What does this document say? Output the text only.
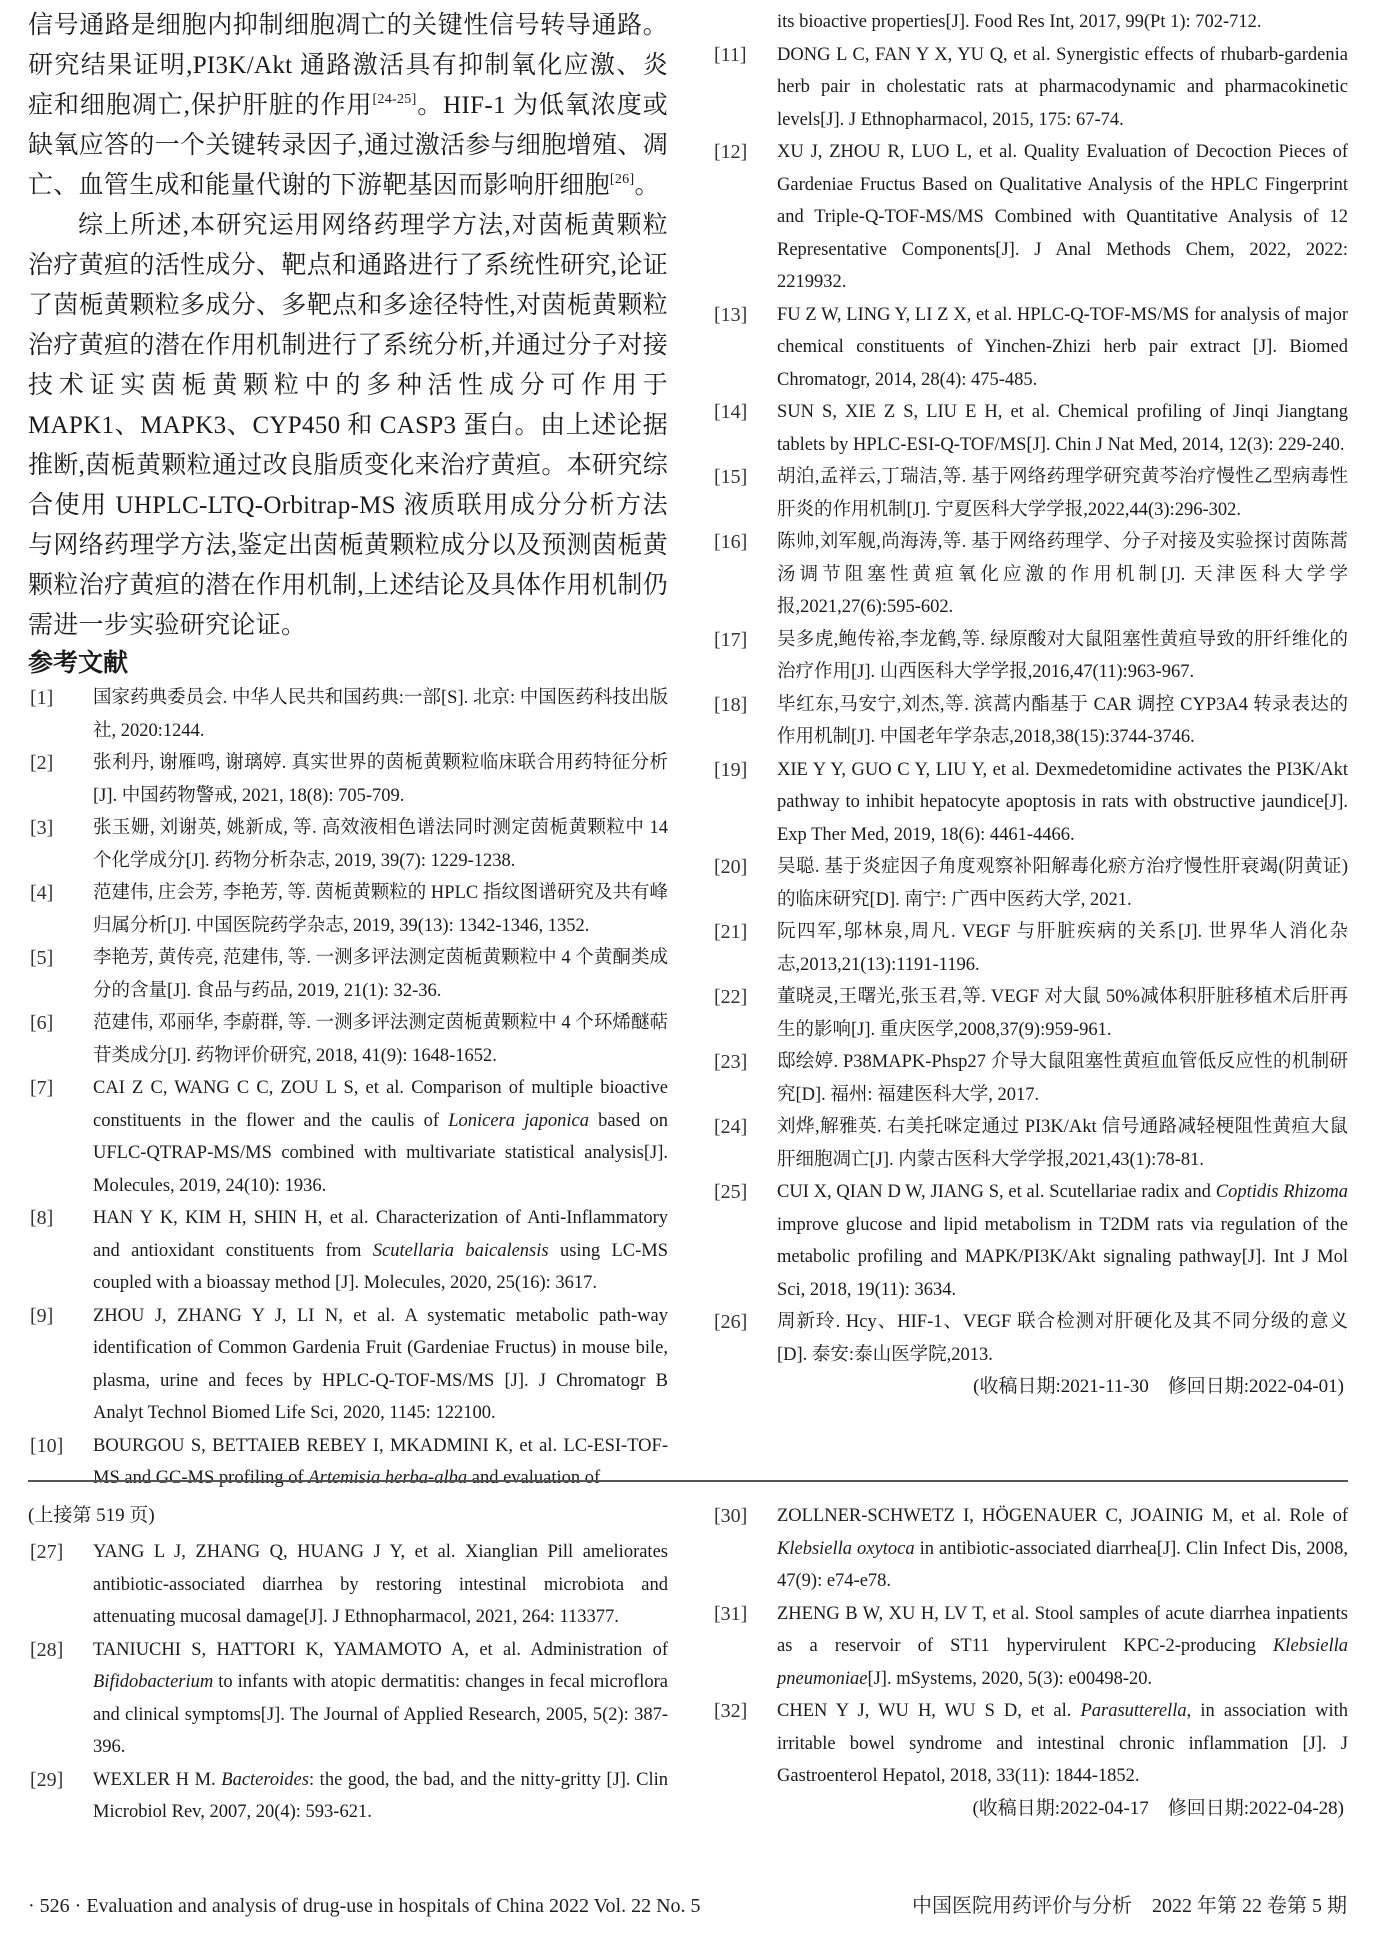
信号通路是细胞内抑制细胞凋亡的关键性信号转导通路。研究结果证明,PI3K/Akt 通路激活具有抑制氧化应激、炎症和细胞凋亡,保护肝脏的作用[24-25]。HIF-1 为低氧浓度或缺氧应答的一个关键转录因子,通过激活参与细胞增殖、凋亡、血管生成和能量代谢的下游靶基因而影响肝细胞[26]。

综上所述,本研究运用网络药理学方法,对茵栀黄颗粒治疗黄疸的活性成分、靶点和通路进行了系统性研究,论证了茵栀黄颗粒多成分、多靶点和多途径特性,对茵栀黄颗粒治疗黄疸的潜在作用机制进行了系统分析,并通过分子对接技术证实茵栀黄颗粒中的多种活性成分可作用于 MAPK1、MAPK3、CYP450 和 CASP3 蛋白。由上述论据推断,茵栀黄颗粒通过改良脂质变化来治疗黄疸。本研究综合使用 UHPLC-LTQ-Orbitrap-MS 液质联用成分分析方法与网络药理学方法,鉴定出茵栀黄颗粒成分以及预测茵栀黄颗粒治疗黄疸的潜在作用机制,上述结论及具体作用机制仍需进一步实验研究论证。

参考文献

[1] 国家药典委员会. 中华人民共和国药典:一部[S]. 北京: 中国医药科技出版社, 2020:1244.

[2] 张利丹, 谢雁鸣, 谢璃婷. 真实世界的茵栀黄颗粒临床联合用药特征分析[J]. 中国药物警戒, 2021, 18(8): 705-709.

[3] 张玉姗, 刘谢英, 姚新成, 等. 高效液相色谱法同时测定茵栀黄颗粒中 14 个化学成分[J]. 药物分析杂志, 2019, 39(7): 1229-1238.

[4] 范建伟, 庄会芳, 李艳芳, 等. 茵栀黄颗粒的 HPLC 指纹图谱研究及共有峰归属分析[J]. 中国医院药学杂志, 2019, 39(13): 1342-1346, 1352.

[5] 李艳芳, 黄传亮, 范建伟, 等. 一测多评法测定茵栀黄颗粒中 4 个黄酮类成分的含量[J]. 食品与药品, 2019, 21(1): 32-36.

[6] 范建伟, 邓丽华, 李蔚群, 等. 一测多评法测定茵栀黄颗粒中 4 个环烯醚萜苷类成分[J]. 药物评价研究, 2018, 41(9): 1648-1652.

[7] CAI Z C, WANG C C, ZOU L S, et al. Comparison of multiple bioactive constituents in the flower and the caulis of Lonicera japonica based on UFLC-QTRAP-MS/MS combined with multivariate statistical analysis[J]. Molecules, 2019, 24(10): 1936.

[8] HAN Y K, KIM H, SHIN H, et al. Characterization of Anti-Inflammatory and antioxidant constituents from Scutellaria baicalensis using LC-MS coupled with a bioassay method [J]. Molecules, 2020, 25(16): 3617.

[9] ZHOU J, ZHANG Y J, LI N, et al. A systematic metabolic path-way identification of Common Gardenia Fruit (Gardeniae Fructus) in mouse bile, plasma, urine and feces by HPLC-Q-TOF-MS/MS [J]. J Chromatogr B Analyt Technol Biomed Life Sci, 2020, 1145: 122100.

[10] BOURGOU S, BETTAIEB REBEY I, MKADMINI K, et al. LC-ESI-TOF-MS and GC-MS profiling of Artemisia herba-alba and evaluation of

its bioactive properties[J]. Food Res Int, 2017, 99(Pt 1): 702-712.

[11] DONG L C, FAN Y X, YU Q, et al. Synergistic effects of rhubarb-gardenia herb pair in cholestatic rats at pharmacodynamic and pharmacokinetic levels[J]. J Ethnopharmacol, 2015, 175: 67-74.

[12] XU J, ZHOU R, LUO L, et al. Quality Evaluation of Decoction Pieces of Gardeniae Fructus Based on Qualitative Analysis of the HPLC Fingerprint and Triple-Q-TOF-MS/MS Combined with Quantitative Analysis of 12 Representative Components[J]. J Anal Methods Chem, 2022, 2022: 2219932.

[13] FU Z W, LING Y, LI Z X, et al. HPLC-Q-TOF-MS/MS for analysis of major chemical constituents of Yinchen-Zhizi herb pair extract [J]. Biomed Chromatogr, 2014, 28(4): 475-485.

[14] SUN S, XIE Z S, LIU E H, et al. Chemical profiling of Jinqi Jiangtang tablets by HPLC-ESI-Q-TOF/MS[J]. Chin J Nat Med, 2014, 12(3): 229-240.

[15] 胡泊,孟祥云,丁瑞洁,等. 基于网络药理学研究黄芩治疗慢性乙型病毒性肝炎的作用机制[J]. 宁夏医科大学学报,2022,44(3):296-302.

[16] 陈帅,刘军舰,尚海涛,等. 基于网络药理学、分子对接及实验探讨茵陈蒿汤调节阻塞性黄疸氧化应激的作用机制[J]. 天津医科大学学报,2021,27(6):595-602.

[17] 吴多虎,鲍传裕,李龙鹤,等. 绿原酸对大鼠阻塞性黄疸导致的肝纤维化的治疗作用[J]. 山西医科大学学报,2016,47(11):963-967.

[18] 毕红东,马安宁,刘杰,等. 滨蒿内酯基于 CAR 调控 CYP3A4 转录表达的作用机制[J]. 中国老年学杂志,2018,38(15):3744-3746.

[19] XIE Y Y, GUO C Y, LIU Y, et al. Dexmedetomidine activates the PI3K/Akt pathway to inhibit hepatocyte apoptosis in rats with obstructive jaundice[J]. Exp Ther Med, 2019, 18(6): 4461-4466.

[20] 吴聪. 基于炎症因子角度观察补阳解毒化瘀方治疗慢性肝衰竭(阴黄证)的临床研究[D]. 南宁: 广西中医药大学, 2021.

[21] 阮四军,邬林泉,周凡. VEGF 与肝脏疾病的关系[J]. 世界华人消化杂志,2013,21(13):1191-1196.

[22] 董晓灵,王曙光,张玉君,等. VEGF 对大鼠 50%减体积肝脏移植术后肝再生的影响[J]. 重庆医学,2008,37(9):959-961.

[23] 邸绘婷. P38MAPK-Phsp27 介导大鼠阻塞性黄疸血管低反应性的机制研究[D]. 福州: 福建医科大学, 2017.

[24] 刘烨,解雅英. 右美托咪定通过 PI3K/Akt 信号通路减轻梗阻性黄疸大鼠肝细胞凋亡[J]. 内蒙古医科大学学报,2021,43(1):78-81.

[25] CUI X, QIAN D W, JIANG S, et al. Scutellariae radix and Coptidis Rhizoma improve glucose and lipid metabolism in T2DM rats via regulation of the metabolic profiling and MAPK/PI3K/Akt signaling pathway[J]. Int J Mol Sci, 2018, 19(11): 3634.

[26] 周新玲. Hcy、HIF-1、VEGF 联合检测对肝硬化及其不同分级的意义[D]. 泰安:泰山医学院,2013.

(收稿日期:2021-11-30　修回日期:2022-04-01)

(上接第 519 页)

[27] YANG L J, ZHANG Q, HUANG J Y, et al. Xianglian Pill ameliorates antibiotic-associated diarrhea by restoring intestinal microbiota and attenuating mucosal damage[J]. J Ethnopharmacol, 2021, 264: 113377.

[28] TANIUCHI S, HATTORI K, YAMAMOTO A, et al. Administration of Bifidobacterium to infants with atopic dermatitis: changes in fecal microflora and clinical symptoms[J]. The Journal of Applied Research, 2005, 5(2): 387-396.

[29] WEXLER H M. Bacteroides: the good, the bad, and the nitty-gritty [J]. Clin Microbiol Rev, 2007, 20(4): 593-621.

[30] ZOLLNER-SCHWETZ I, HÖGENAUER C, JOAINIG M, et al. Role of Klebsiella oxytoca in antibiotic-associated diarrhea[J]. Clin Infect Dis, 2008, 47(9): e74-e78.

[31] ZHENG B W, XU H, LV T, et al. Stool samples of acute diarrhea inpatients as a reservoir of ST11 hypervirulent KPC-2-producing Klebsiella pneumoniae[J]. mSystems, 2020, 5(3): e00498-20.

[32] CHEN Y J, WU H, WU S D, et al. Parasutterella, in association with irritable bowel syndrome and intestinal chronic inflammation [J]. J Gastroenterol Hepatol, 2018, 33(11): 1844-1852.

(收稿日期:2022-04-17　修回日期:2022-04-28)

· 526 · Evaluation and analysis of drug-use in hospitals of China 2022 Vol. 22 No. 5	中国医院用药评价与分析　2022 年第 22 卷第 5 期
